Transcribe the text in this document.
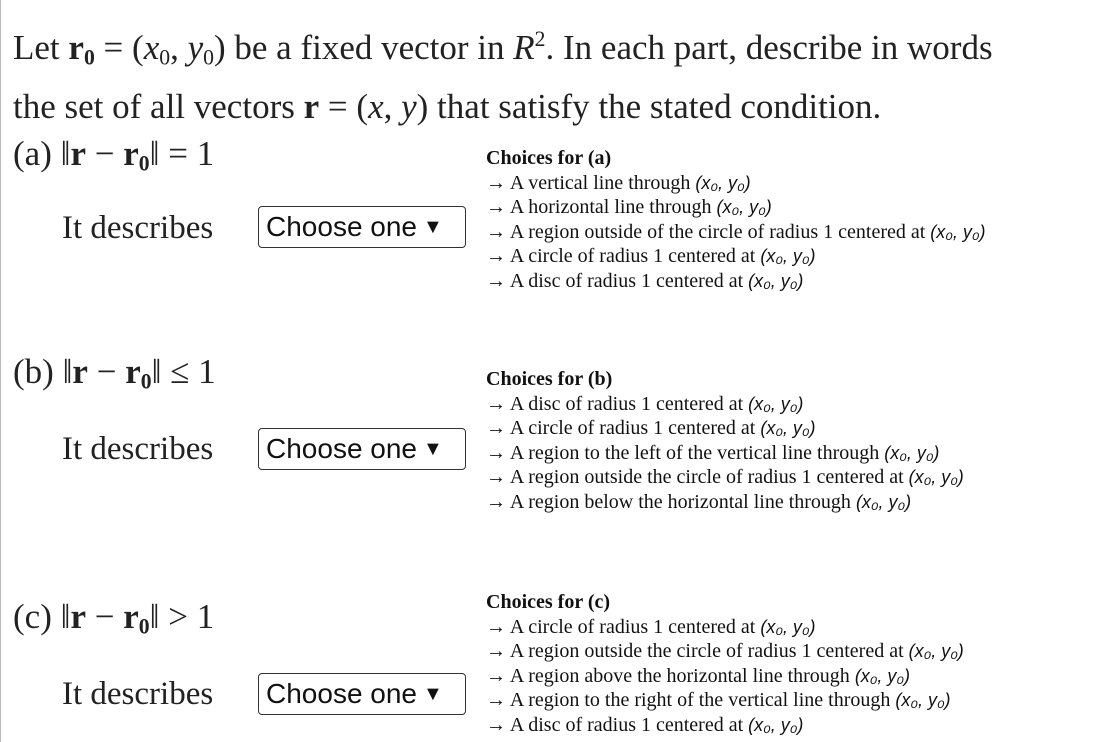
Let $r_0 = (x_0$, $y_0$) be a fixed vector in $R^2$. In each part, describe in words
the set of all vectors r = (x, y) that satisfy the stated condition.
(a) ‖r − $r_0‖ = 1$
It describes Choose one ▼
Choices for (a)
→ A vertical line through (x₀, y₀)
→ A horizontal line through (x₀, y₀)
→ A region outside of the circle of radius 1 centered at (x₀, y₀)
→ A circle of radius 1 centered at (x₀, y₀)
→ A disc of radius 1 centered at (x₀, y₀)
(b) ‖r − $r_0‖ \le 1$
It describes Choose one ▼
Choices for (b)
→ A disc of radius 1 centered at (x₀, y₀)
→ A circle of radius 1 centered at (x₀, y₀)
→ A region to the left of the vertical line through (x₀, y₀)
→ A region outside the circle of radius 1 centered at (x₀, y₀)
→ A region below the horizontal line through (x₀, y₀)
(c) ‖r − $r_0‖ > 1$
It describes Choose one ▼
Choices for (c)
→ A circle of radius 1 centered at (x₀, y₀)
→ A region outside the circle of radius 1 centered at (x₀, y₀)
→ A region above the horizontal line through (x₀, y₀)
→ A region to the right of the vertical line through (x₀, y₀)
→ A disc of radius 1 centered at (x₀, y₀)
